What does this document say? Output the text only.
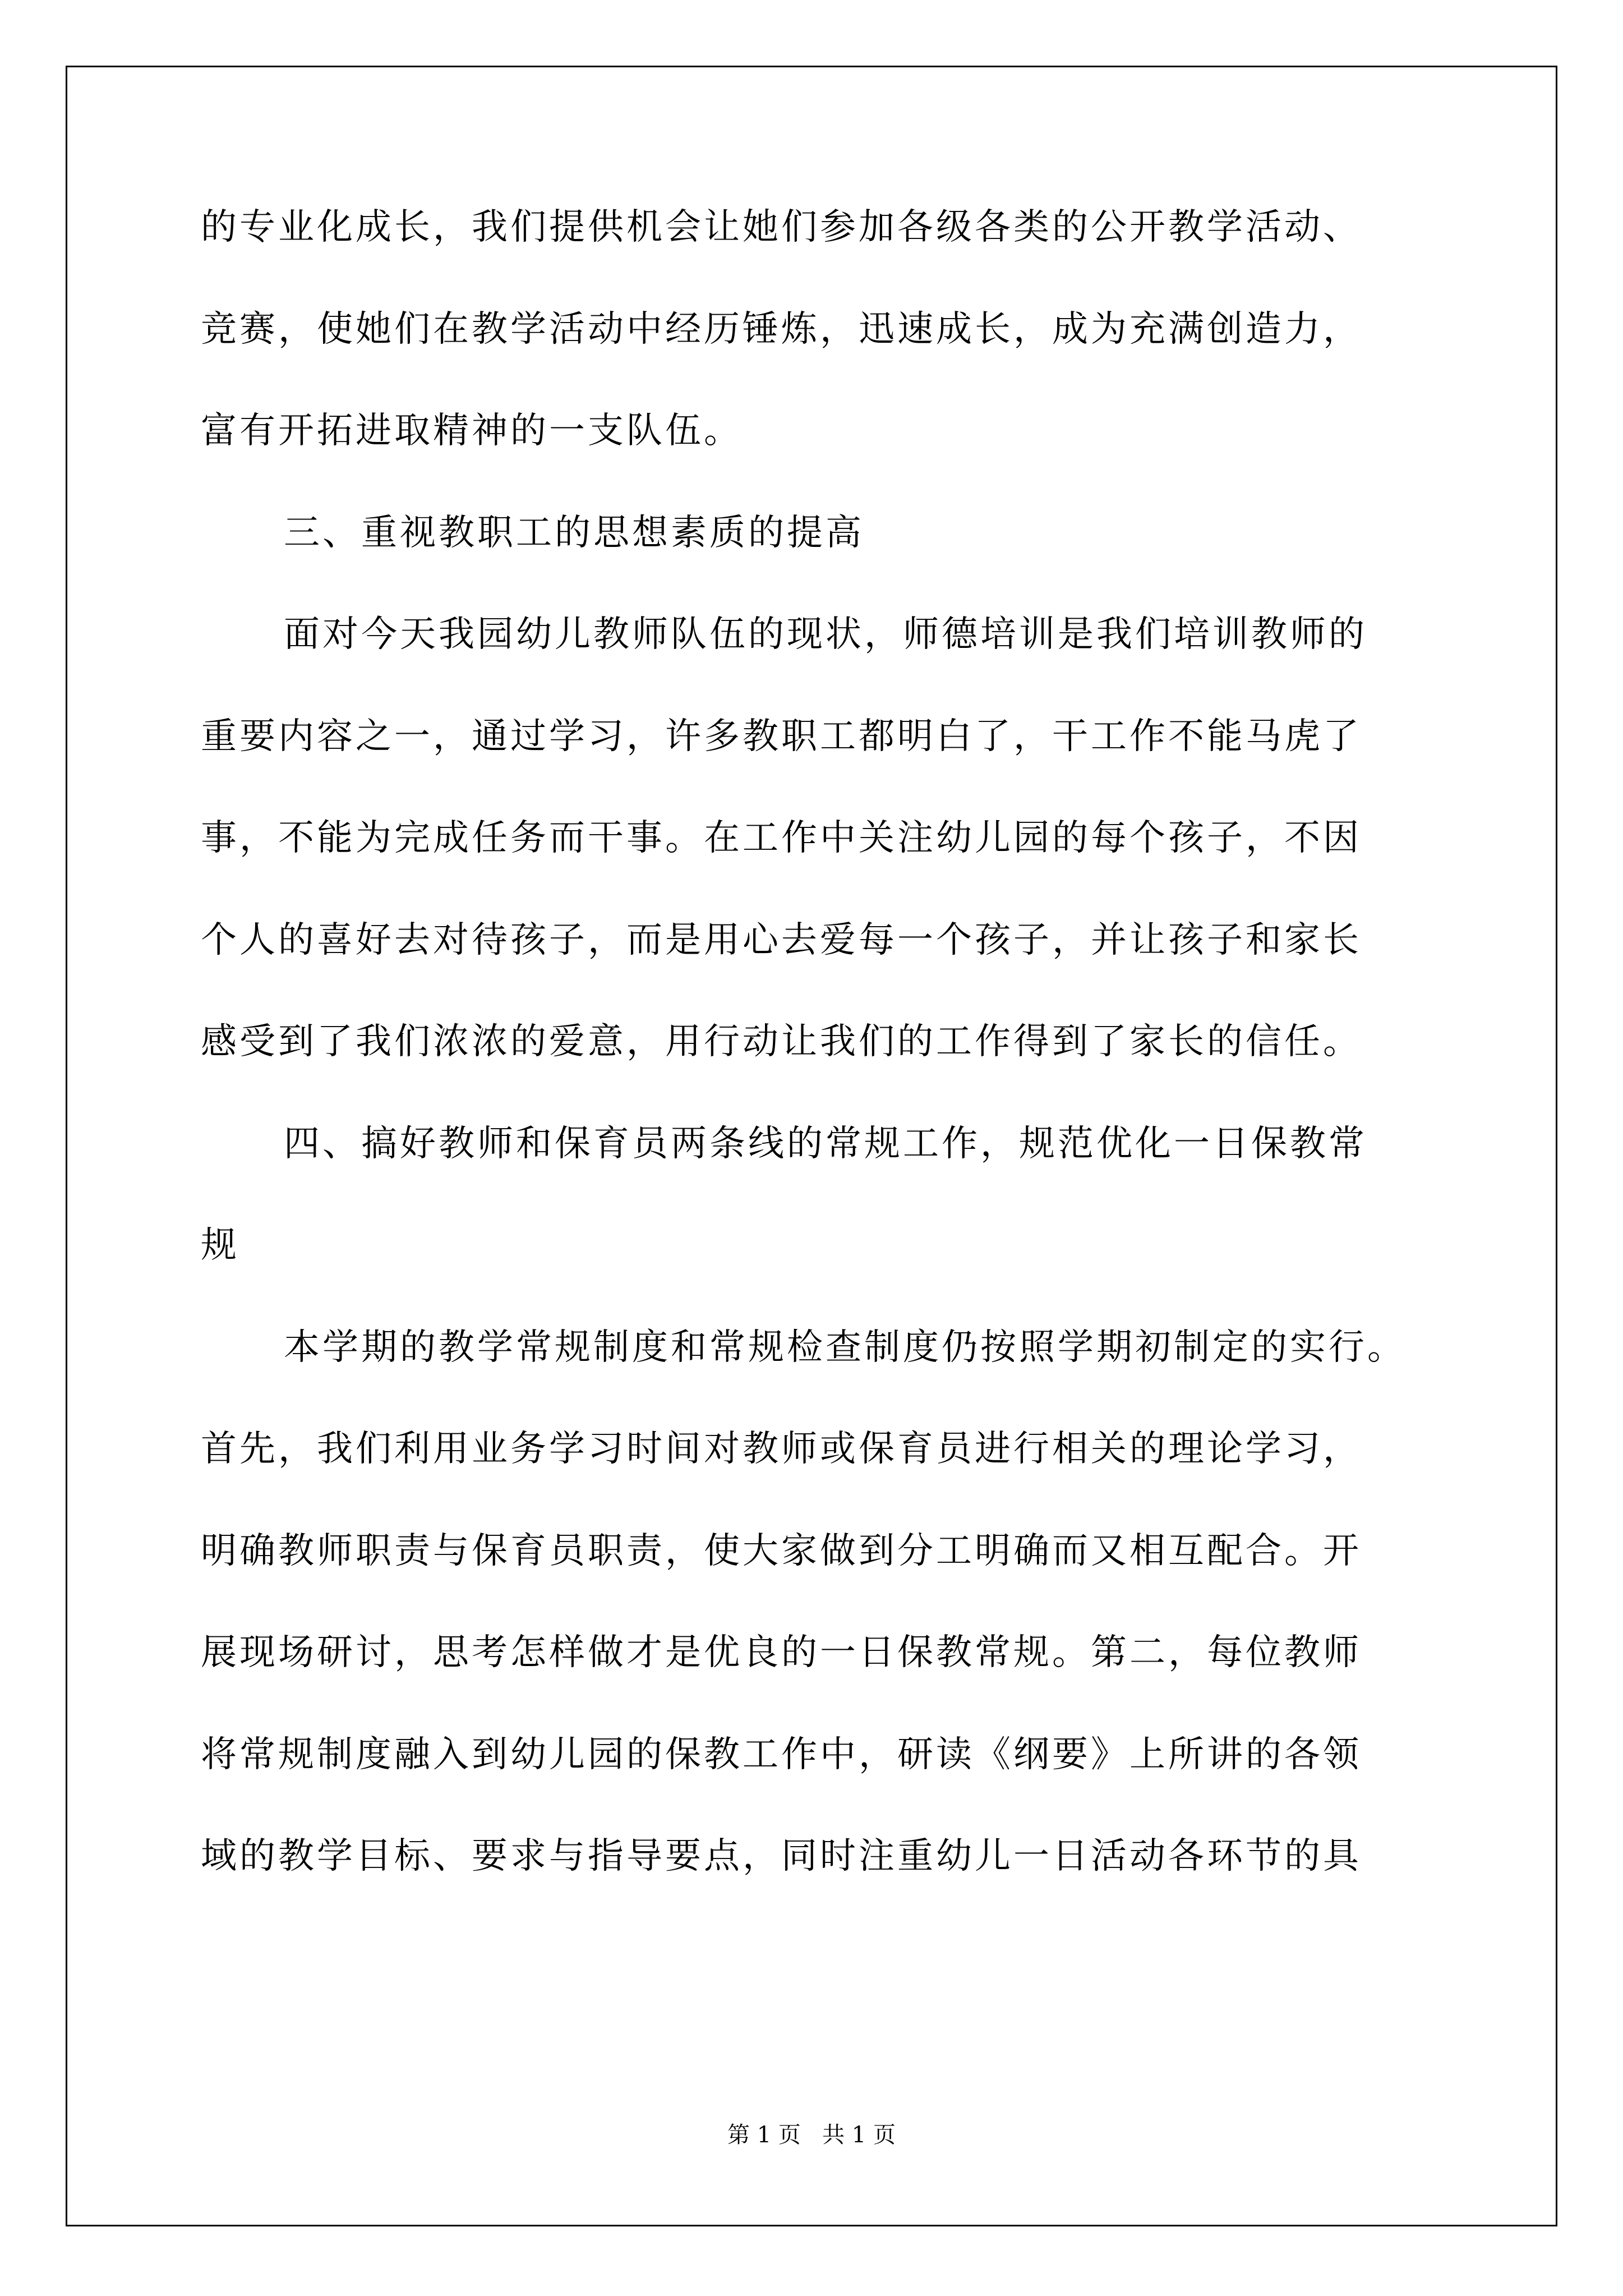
的专业化成长，我们提供机会让她们参加各级各类的公开教学活动、
竞赛，使她们在教学活动中经历锤炼，迅速成长，成为充满创造力，
富有开拓进取精神的一支队伍。
三、重视教职工的思想素质的提高
面对今天我园幼儿教师队伍的现状，师德培训是我们培训教师的
重要内容之一，通过学习，许多教职工都明白了，干工作不能马虎了
事，不能为完成任务而干事。在工作中关注幼儿园的每个孩子，不因
个人的喜好去对待孩子，而是用心去爱每一个孩子，并让孩子和家长
感受到了我们浓浓的爱意，用行动让我们的工作得到了家长的信任。
四、搞好教师和保育员两条线的常规工作，规范优化一日保教常
规
本学期的教学常规制度和常规检查制度仍按照学期初制定的实行。
首先，我们利用业务学习时间对教师或保育员进行相关的理论学习，
明确教师职责与保育员职责，使大家做到分工明确而又相互配合。开
展现场研讨，思考怎样做才是优良的一日保教常规。第二，每位教师
将常规制度融入到幼儿园的保教工作中，研读《纲要》上所讲的各领
域的教学目标、要求与指导要点，同时注重幼儿一日活动各环节的具
第 1 页   共 1 页
